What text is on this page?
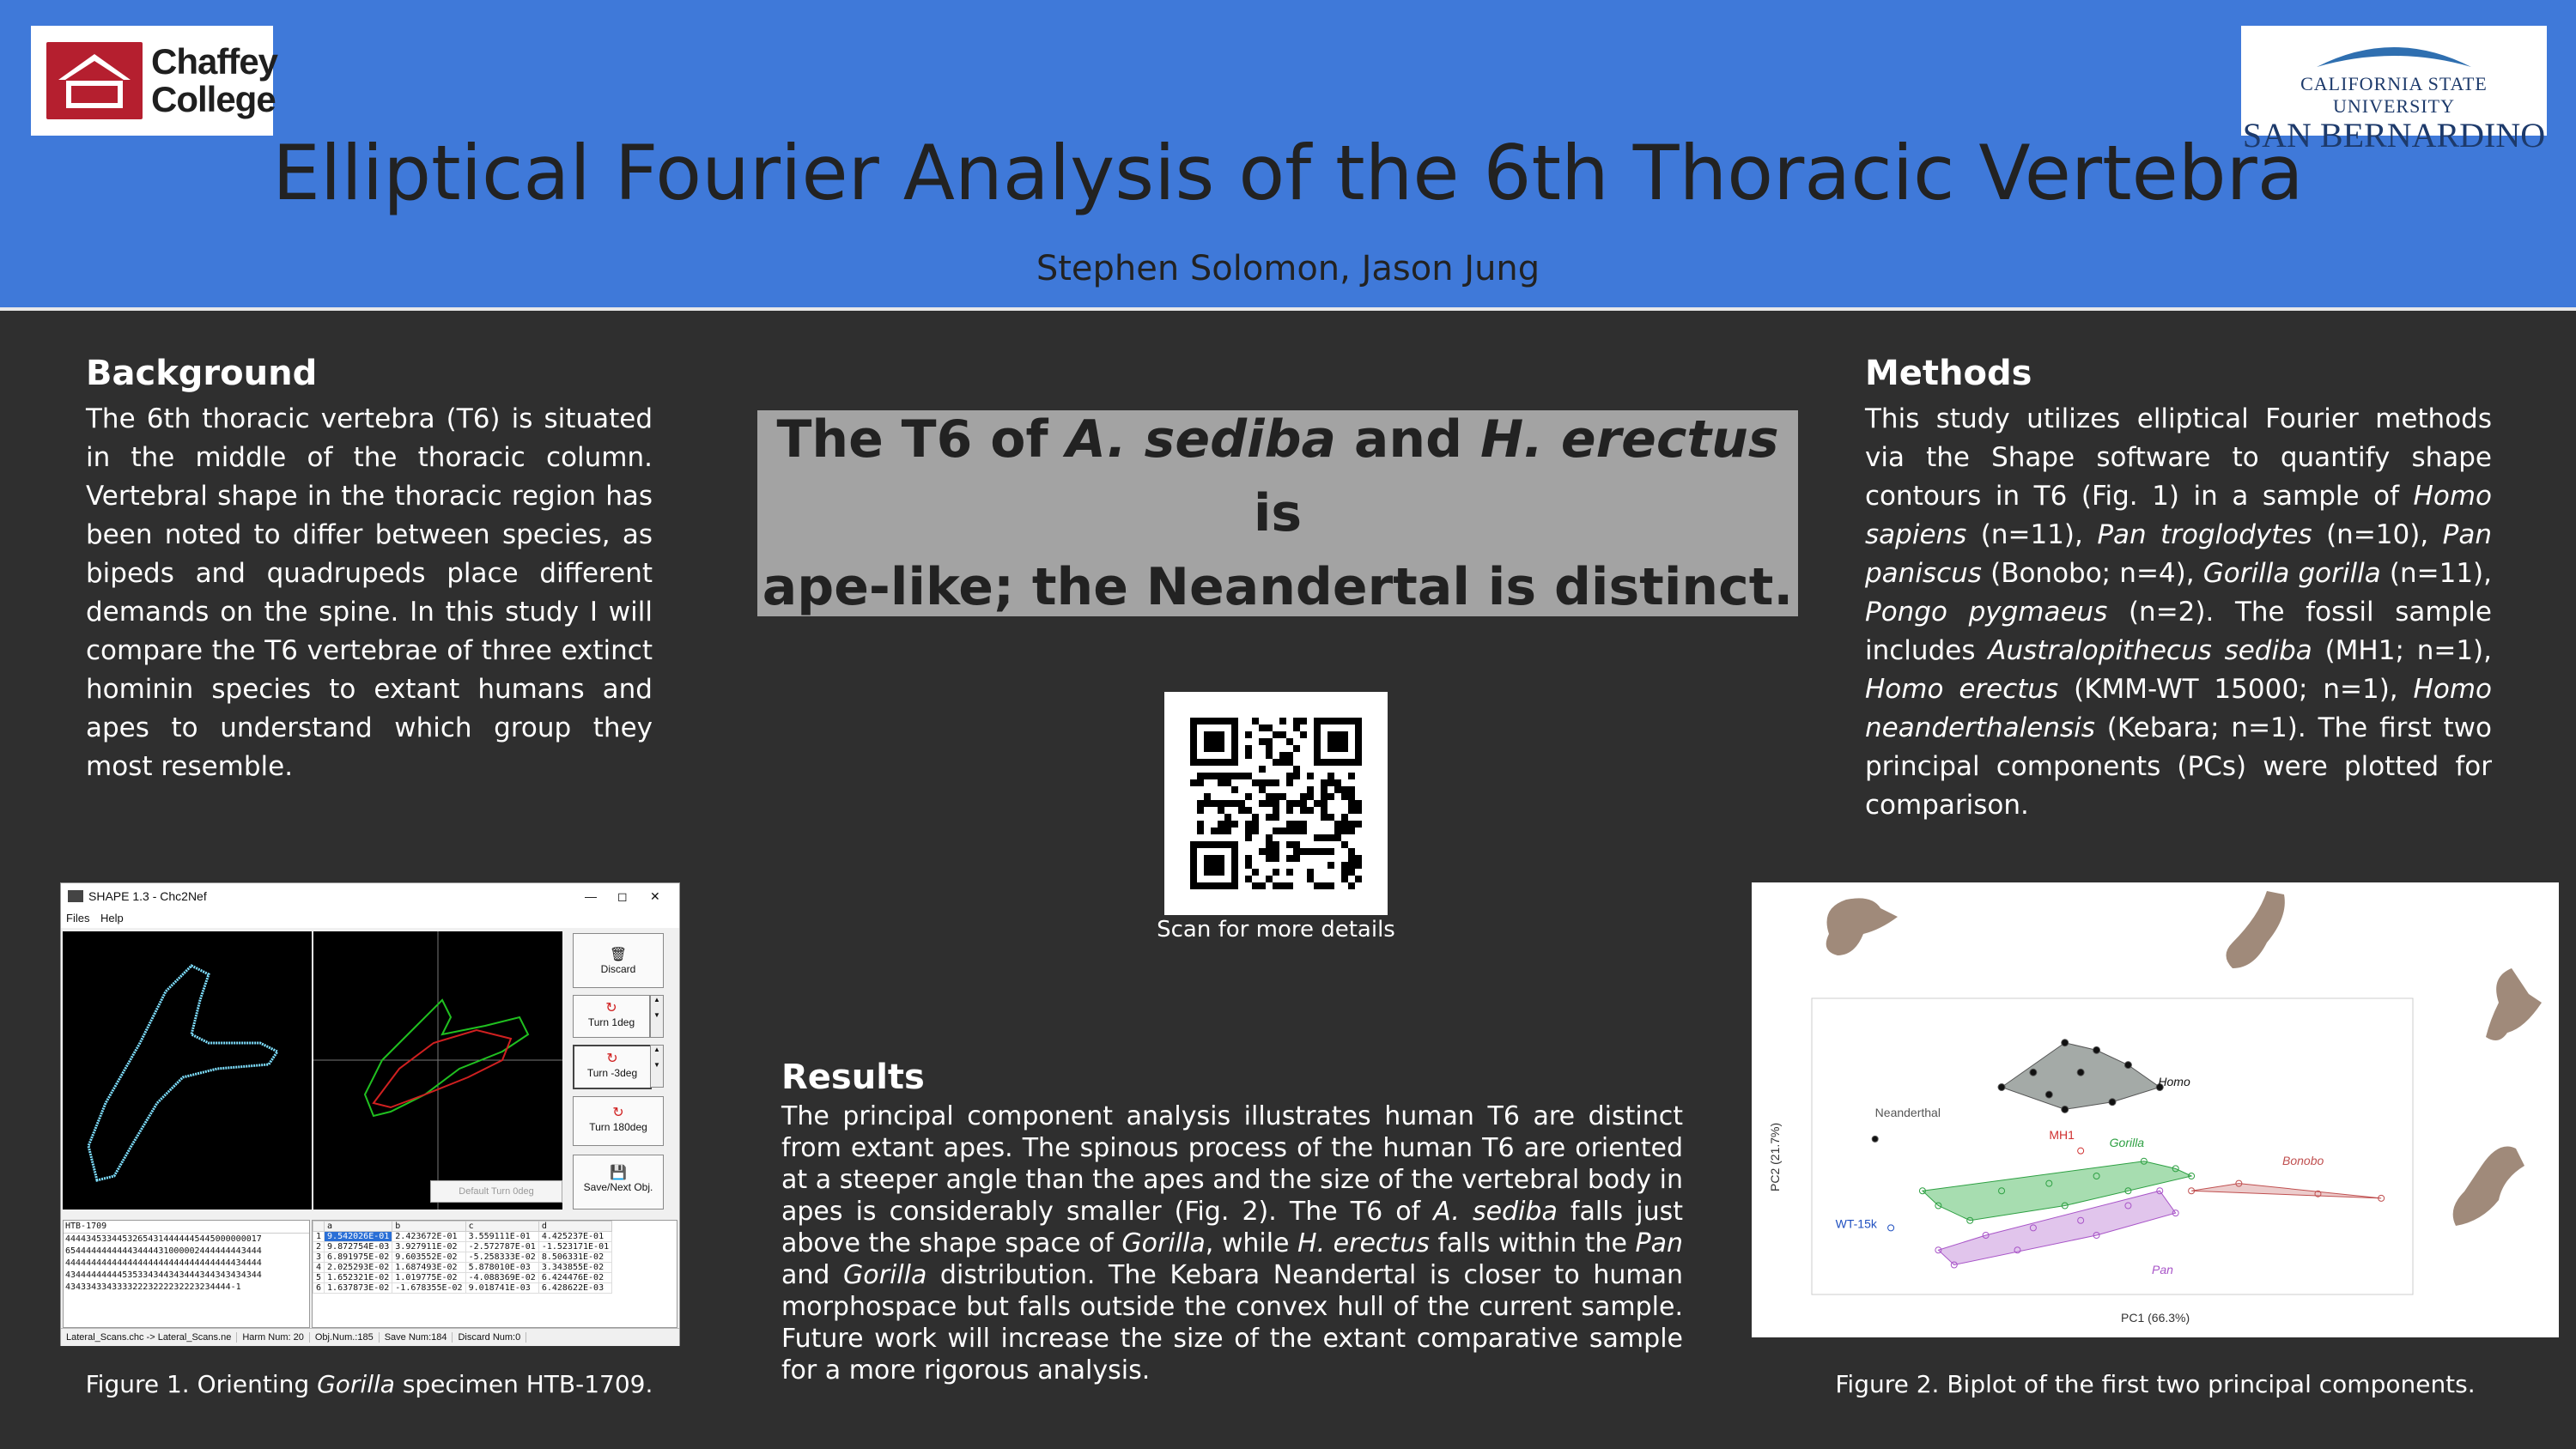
Chaffey
College	CALIFORNIA STATE UNIVERSITY
SAN BERNARDINO
Elliptical Fourier Analysis of the 6th Thoracic Vertebra
Stephen Solomon, Jason Jung
Background
The 6th thoracic vertebra (T6) is situated in the middle of the thoracic column. Vertebral shape in the thoracic region has been noted to differ between species, as bipeds and quadrupeds place different demands on the spine. In this study I will compare the T6 vertebrae of three extinct hominin species to extant humans and apes to understand which group they most resemble.
The T6 of A. sediba and H. erectus is
ape-like; the Neandertal is distinct.
Scan for more details
Methods
This study utilizes elliptical Fourier methods via the Shape software to quantify shape contours in T6 (Fig. 1) in a sample of Homo sapiens (n=11), Pan troglodytes (n=10), Pan paniscus (Bonobo; n=4), Gorilla gorilla (n=11), Pongo pygmaeus (n=2). The fossil sample includes Australopithecus sediba (MH1; n=1), Homo erectus (KMM-WT 15000; n=1), Homo neanderthalensis (Kebara; n=1). The first two principal components (PCs) were plotted for comparison.
Results
The principal component analysis illustrates human T6 are distinct from extant apes. The spinous process of the human T6 are oriented at a steeper angle than the apes and the size of the vertebral body in apes is considerably smaller (Fig. 2). The T6 of A. sediba falls just above the shape space of Gorilla, while H. erectus falls within the Pan and Gorilla distribution. The Kebara Neandertal is closer to human morphospace but falls outside the convex hull of the current sample. Future work will increase the size of the extant comparative sample for a more rigorous analysis.
SHAPE 1.3 - Chc2Nef	— ◻ ✕
Files Help
🗑
Discard
↻
Turn 1deg
▲

▼
↻
Turn -3deg
▲

▼
↻
Turn 180deg
💾
Save/Next Obj.
Default Turn 0deg
HTB-1709
44443453344532654314444445445000000017
65444444444443444431000002444444443444
44444444444444444444444444444444434444
43444444444535334344343444344343434344
43433433433332223222232223234444-1
	a	b	c	d
1	9.542026E-01	2.423672E-01	3.559111E-01	4.425237E-01
2	9.872754E-03	3.927911E-02	-2.572787E-01	-1.523171E-01
3	6.891975E-02	9.603552E-02	-5.258333E-02	8.506331E-02
4	2.025293E-02	1.687493E-02	5.878010E-03	3.343855E-02
5	1.652321E-02	1.019775E-02	-4.088369E-02	6.424476E-02
6	1.637873E-02	-1.678355E-02	9.018741E-03	6.428622E-03
Lateral_Scans.chc -> Lateral_Scans.ne	Harm Num: 20	Obj.Num.:185	Save Num:184	Discard Num:0
Figure 1. Orienting Gorilla specimen HTB-1709.
Homo
Gorilla
Pan
Bonobo
Neanderthal
MH1
WT-15k
PC1 (66.3%)
PC2 (21.7%)
Figure 2. Biplot of the first two principal components.
